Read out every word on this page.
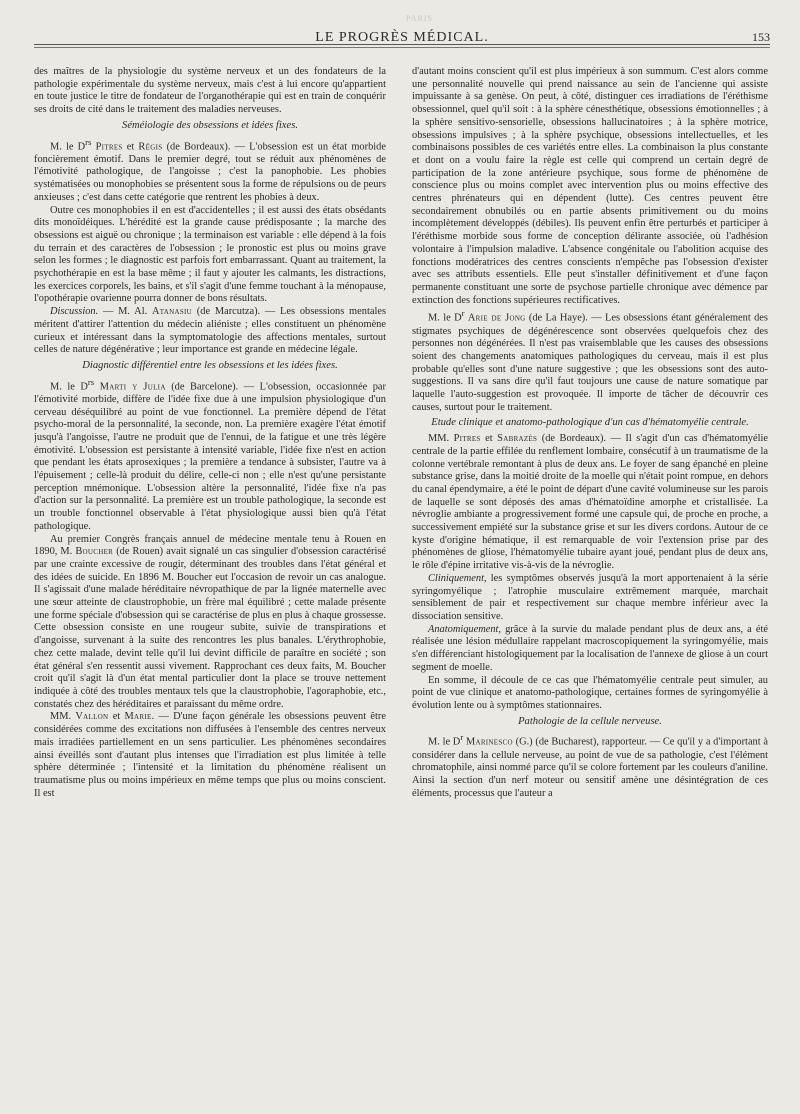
PARIS
LE PROGRÈS MÉDICAL.	153

des maîtres de la physiologie du système nerveux et un des fondateurs de la pathologie expérimentale du système nerveux, mais c'est à lui encore qu'appartient en toute justice le titre de fondateur de l'organothérapie qui est en train de conquérir ses droits de cité dans le traitement des maladies nerveuses.

Séméiologie des obsessions et idées fixes.

M. le $D^{rs}$ Pitres et Régis (de Bordeaux). — L'obsession est un état morbide foncièrement émotif. Dans le premier degré, tout se réduit aux phénomènes de l'émotivité pathologique, de l'angoisse ; c'est la panophobie. Les phobies systématisées ou monophobies se présentent sous la forme de répulsions ou de peurs anxieuses ; c'est dans cette catégorie que rentrent les phobies à deux.

Outre ces monophobies il en est d'accidentelles ; il est aussi des états obsédants dits monoïdéiques. L'hérédité est la grande cause prédisposante ; la marche des obsessions est aiguë ou chronique ; la terminaison est variable : elle dépend à la fois du terrain et des caractères de l'obsession ; le pronostic est plus ou moins grave selon les formes ; le diagnostic est parfois fort embarrassant. Quant au traitement, la psychothérapie en est la base même ; il faut y ajouter les calmants, les distractions, les exercices corporels, les bains, et s'il s'agit d'une femme touchant à la ménopause, l'opothérapie ovarienne pourra donner de bons résultats.

Discussion. — M. Al. Atanasiu (de Marcutza). — Les obsessions mentales méritent d'attirer l'attention du médecin aliéniste ; elles constituent un phénomène curieux et intéressant dans la symptomatologie des affections mentales, surtout celles de nature dégénérative ; leur importance est grande en médecine légale.

Diagnostic différentiel entre les obsessions et les idées fixes.

M. le $D^{rs}$ Marti y Julia (de Barcelone). — L'obsession, occasionnée par l'émotivité morbide, diffère de l'idée fixe due à une impulsion physiologique d'un cerveau déséquilibré au point de vue fonctionnel. La première dépend de l'état psycho-moral de la personnalité, la seconde, non. La première exagère l'état émotif jusqu'à l'angoisse, l'autre ne produit que de l'ennui, de la fatigue et une très légère émotivité. L'obsession est persistante à intensité variable, l'idée fixe n'est en action que pendant les états aprosexiques ; la première a tendance à subsister, l'autre va à l'épuisement ; celle-là produit du délire, celle-ci non ; elle n'est qu'une persistante perception mnémonique. L'obsession altère la personnalité, l'idée fixe n'a pas d'action sur la personnalité. La première est un trouble pathologique, la seconde est un trouble fonctionnel observable à l'état physiologique aussi bien qu'à l'état pathologique.

Au premier Congrès français annuel de médecine mentale tenu à Rouen en 1890, M. Boucher (de Rouen) avait signalé un cas singulier d'obsession caractérisé par une crainte excessive de rougir, déterminant des troubles dans l'état général et des idées de suicide. En 1896 M. Boucher eut l'occasion de revoir un cas analogue. Il s'agissait d'une malade héréditaire névropathique de par la lignée maternelle avec une sœur atteinte de claustrophobie, un frère mal équilibré ; cette malade présente une forme spéciale d'obsession qui se caractérise de plus en plus à chaque grossesse. Cette obsession consiste en une rougeur subite, suivie de transpirations et d'angoisse, survenant à la suite des rencontres les plus banales. L'érythrophobie, chez cette malade, devint telle qu'il lui devint difficile de paraître en société ; son état général s'en ressentit aussi vivement. Rapprochant ces deux faits, M. Boucher croit qu'il s'agit là d'un état mental particulier dont la place se trouve nettement indiquée à côté des troubles mentaux tels que la claustrophobie, l'agoraphobie, etc., constatés chez des héréditaires et paraissant du même ordre.

MM. Vallon et Marie. — D'une façon générale les obsessions peuvent être considérées comme des excitations non diffusées à l'ensemble des centres nerveux mais irradiées partiellement en un sens particulier. Les phénomènes secondaires ainsi éveillés sont d'autant plus intenses que l'irradiation est plus limitée à telle sphère déterminée ; l'intensité et la limitation du phénomène réalisent un traumatisme plus ou moins impérieux en même temps que plus ou moins conscient. Il est

d'autant moins conscient qu'il est plus impérieux à son summum. C'est alors comme une personnalité nouvelle qui prend naissance au sein de l'ancienne qui assiste impuissante à sa genèse. On peut, à côté, distinguer ces irradiations de l'éréthisme obsessionnel, quel qu'il soit : à la sphère cénesthétique, obsessions émotionnelles ; à la sphère sensitivo-sensorielle, obsessions hallucinatoires ; à la sphère motrice, obsessions impulsives ; à la sphère psychique, obsessions intellectuelles, et les combinaisons possibles de ces variétés entre elles. La combinaison la plus constante et dont on a voulu faire la règle est celle qui comprend un certain degré de participation de la zone antérieure psychique, sous forme de phénomène de conscience plus ou moins complet avec intervention plus ou moins effective des centres phrénateurs qui en dépendent (lutte). Ces centres peuvent être secondairement obnubilés ou en partie absents primitivement ou du moins incomplètement développés (débiles). Ils peuvent enfin être perturbés et participer à l'éréthisme morbide sous forme de conception délirante associée, où l'adhésion volontaire à l'impulsion maladive. L'absence congénitale ou l'abolition acquise des fonctions modératrices des centres conscients n'empêche pas l'obsession d'exister avec ses attributs essentiels. Elle peut s'installer définitivement et d'une façon permanente constituant une sorte de psychose partielle chronique avec démence par extinction des fonctions supérieures rectificatives.

M. le $D^r$ Arie de Jong (de La Haye). — Les obsessions étant généralement des stigmates psychiques de dégénérescence sont observées quelquefois chez des personnes non dégénérées. Il n'est pas vraisemblable que les causes des obsessions soient des changements anatomiques pathologiques du cerveau, mais il est plus probable qu'elles sont d'une nature suggestive ; que les obsessions sont des auto-suggestions. Il va sans dire qu'il faut toujours une cause de nature somatique par laquelle l'auto-suggestion est provoquée. Il importe de tâcher de découvrir ces causes, surtout pour le traitement.

Etude clinique et anatomo-pathologique d'un cas d'hématomyélie centrale.

MM. Pitres et Sabrazès (de Bordeaux). — Il s'agit d'un cas d'hématomyélie centrale de la partie effilée du renflement lombaire, consécutif à un traumatisme de la colonne vertébrale remontant à plus de deux ans. Le foyer de sang épanché en pleine substance grise, dans la moitié droite de la moelle qui n'était point rompue, en dehors du canal épendymaire, a été le point de départ d'une cavité volumineuse sur les parois de laquelle se sont déposés des amas d'hématoïdine amorphe et cristallisée. La névroglie ambiante a progressivement formé une capsule qui, de proche en proche, a successivement empiété sur la substance grise et sur les divers cordons. Autour de ce kyste d'origine hématique, il est remarquable de voir l'extension prise par des phénomènes de gliose, l'hématomyélie tubaire ayant joué, pendant plus de deux ans, le rôle d'épine irritative vis-à-vis de la névroglie.

Cliniquement, les symptômes observés jusqu'à la mort apportenaient à la série syringomyélique ; l'atrophie musculaire extrêmement marquée, marchait sensiblement de pair et respectivement sur chaque membre inférieur avec la dissociation sensitive.

Anatomiquement, grâce à la survie du malade pendant plus de deux ans, a été réalisée une lésion médullaire rappelant macroscopiquement la syringomyélie, mais s'en différenciant histologiquement par la localisation de l'annexe de gliose à un court segment de moelle.

En somme, il découle de ce cas que l'hématomyélie centrale peut simuler, au point de vue clinique et anatomo-pathologique, certaines formes de syringomyélie à évolution lente ou à symptômes stationnaires.

Pathologie de la cellule nerveuse.

M. le $D^r$ Marinesco (G.) (de Bucharest), rapporteur. — Ce qu'il y a d'important à considérer dans la cellule nerveuse, au point de vue de sa pathologie, c'est l'élément chromatophile, ainsi nommé parce qu'il se colore fortement par les couleurs d'aniline. Ainsi la section d'un nerf moteur ou sensitif amène une désintégration de ces éléments, processus que l'auteur a
